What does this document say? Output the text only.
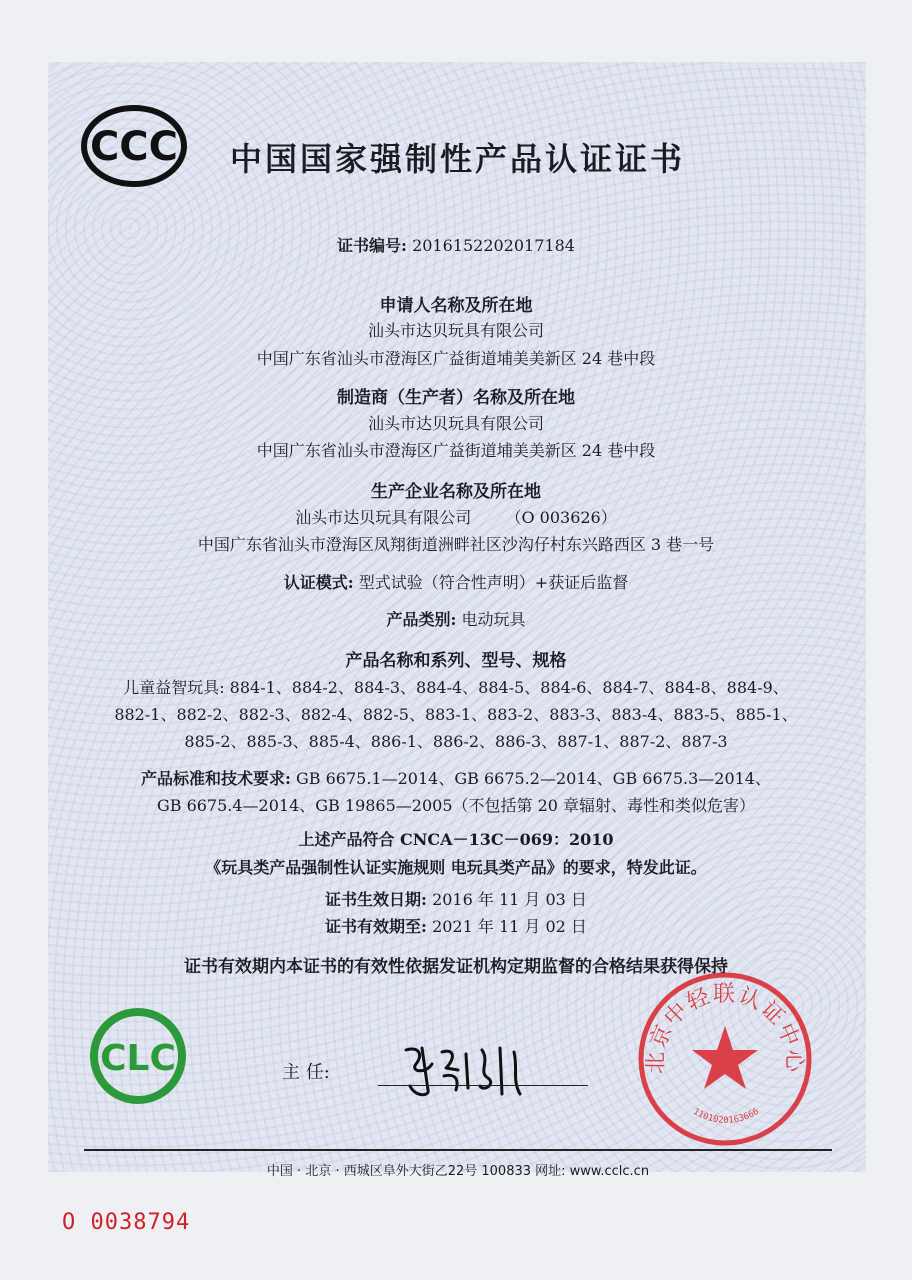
CCC 中国国家强制性产品认证证书
证书编号: 2016152202017184
申请人名称及所在地
汕头市达贝玩具有限公司
中国广东省汕头市澄海区广益街道埔美美新区 24 巷中段
制造商（生产者）名称及所在地
汕头市达贝玩具有限公司
中国广东省汕头市澄海区广益街道埔美美新区 24 巷中段
生产企业名称及所在地
汕头市达贝玩具有限公司 （O 003626）
中国广东省汕头市澄海区凤翔街道洲畔社区沙沟仔村东兴路西区 3 巷一号
认证模式: 型式试验（符合性声明）+获证后监督
产品类别: 电动玩具
产品名称和系列、型号、规格
儿童益智玩具: 884-1、884-2、884-3、884-4、884-5、884-6、884-7、884-8、884-9、
882-1、882-2、882-3、882-4、882-5、883-1、883-2、883-3、883-4、883-5、885-1、
885-2、885-3、885-4、886-1、886-2、886-3、887-1、887-2、887-3
产品标准和技术要求: GB 6675.1—2014、GB 6675.2—2014、GB 6675.3—2014、
GB 6675.4—2014、GB 19865—2005（不包括第 20 章辐射、毒性和类似危害）
上述产品符合 CNCA－13C－069：2010
《玩具类产品强制性认证实施规则 电玩具类产品》的要求，特发此证。
证书生效日期: 2016 年 11 月 03 日
证书有效期至: 2021 年 11 月 02 日
证书有效期内本证书的有效性依据发证机构定期监督的合格结果获得保持
CLC	主 任:	北京中轻联认证中心
1101020163666
中国 · 北京 · 西城区阜外大街乙22号 100833 网址: www.cclc.cn
O 0038794
